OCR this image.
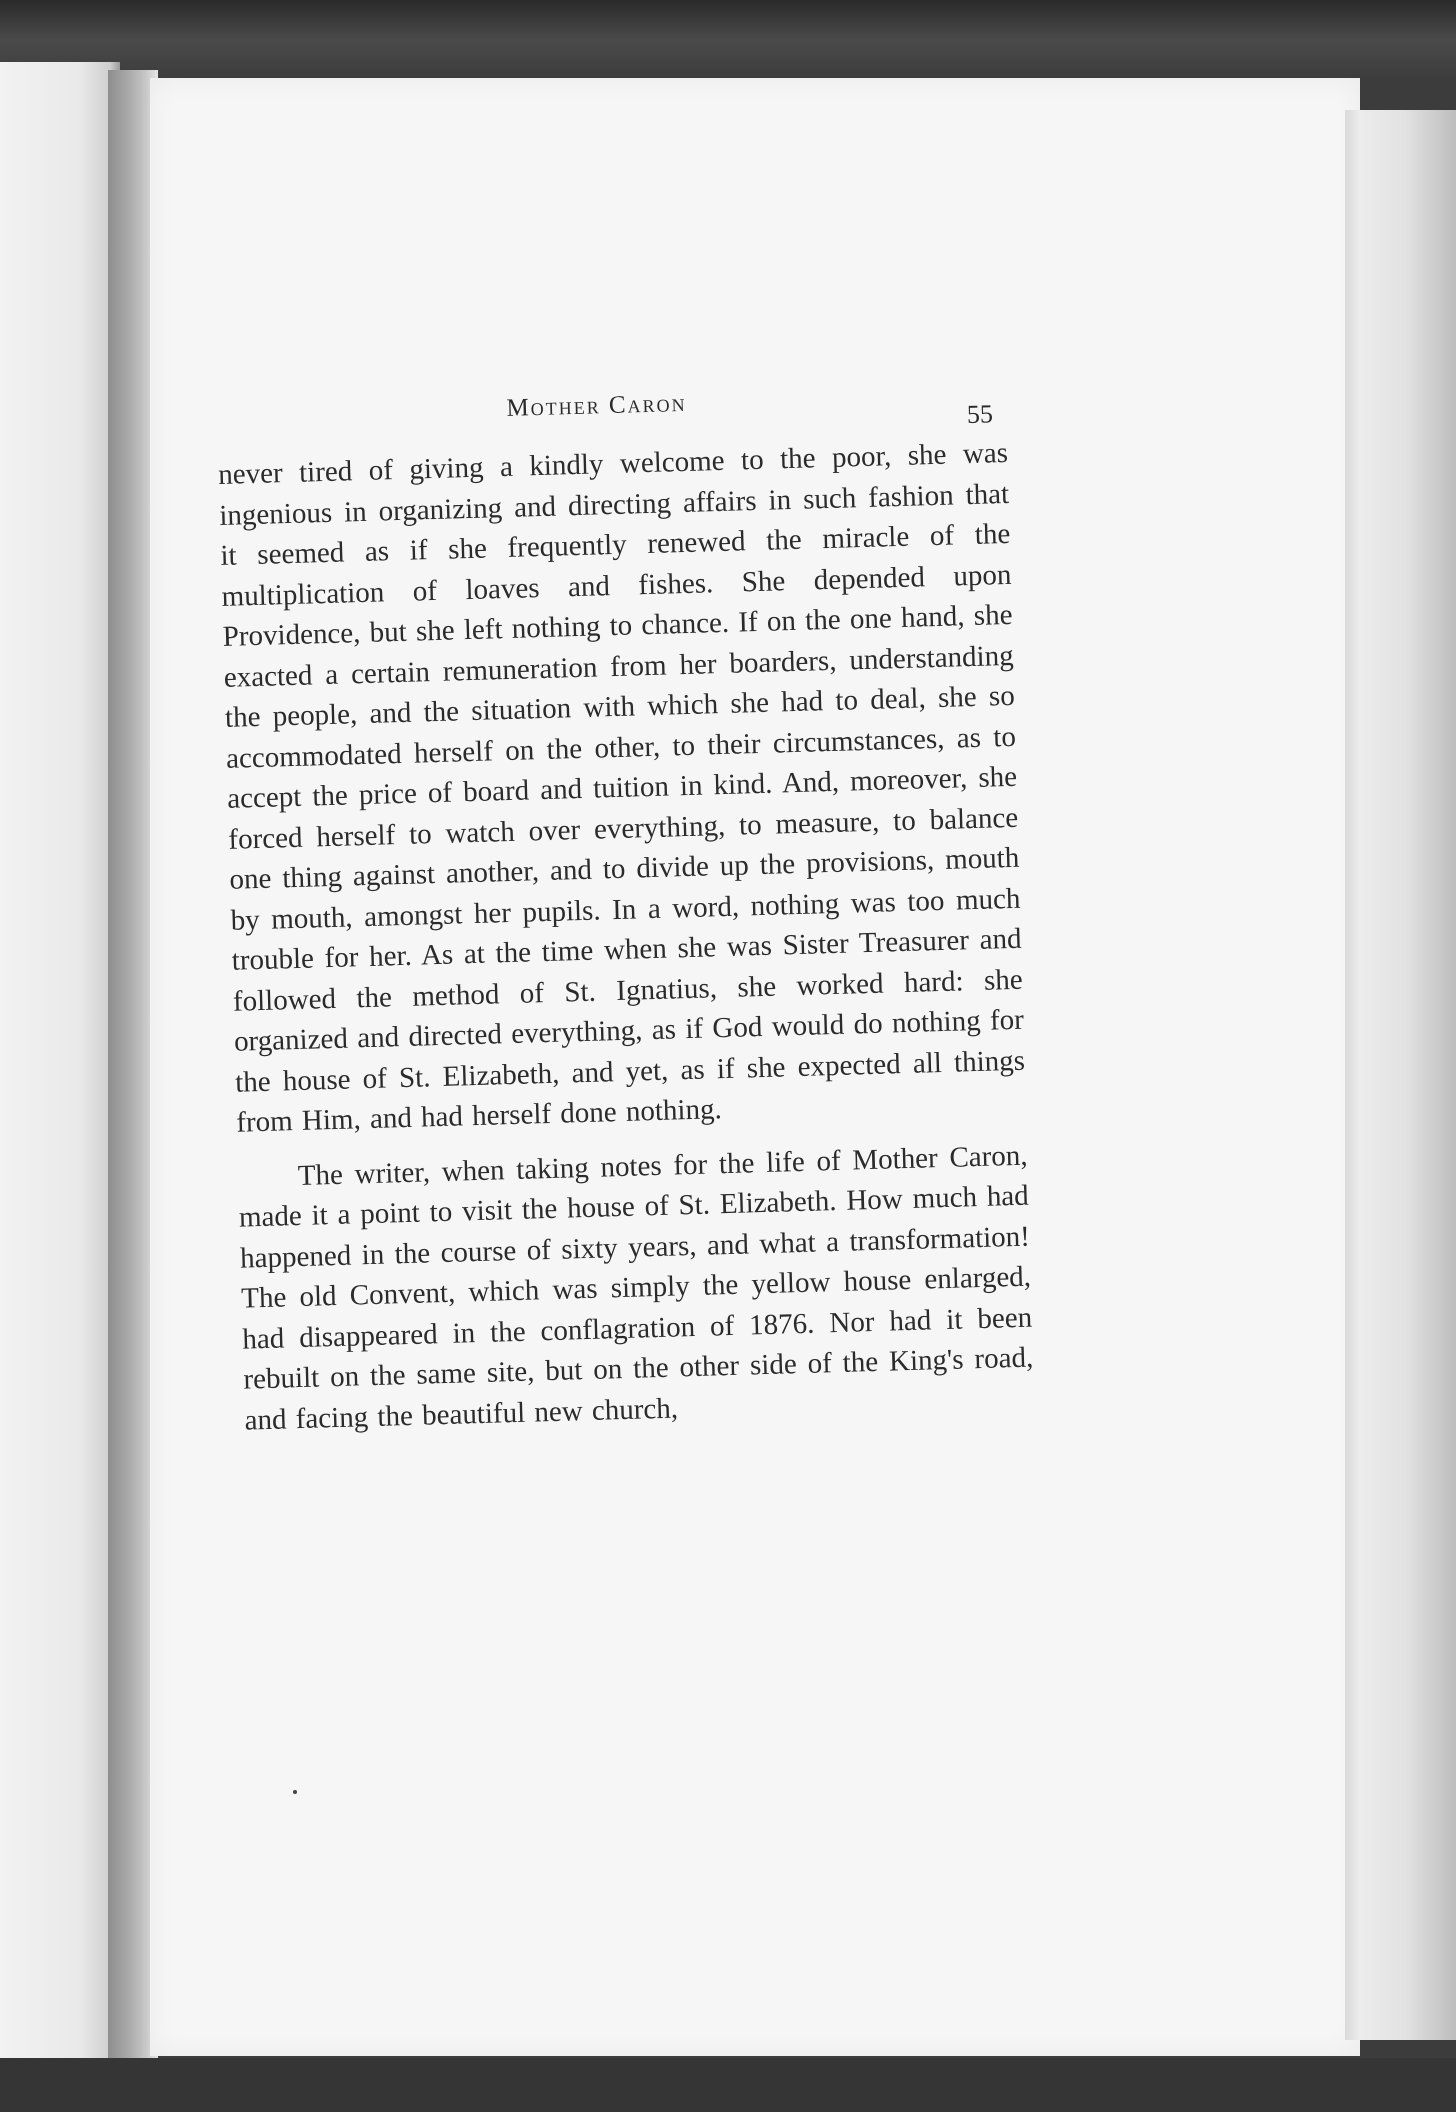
Mother Caron	55

never tired of giving a kindly welcome to the poor, she was ingenious in organizing and directing affairs in such fashion that it seemed as if she frequently renewed the miracle of the multiplication of loaves and fishes. She depended upon Providence, but she left nothing to chance. If on the one hand, she exacted a certain remuneration from her boarders, understanding the people, and the situation with which she had to deal, she so accommodated herself on the other, to their circumstances, as to accept the price of board and tuition in kind. And, moreover, she forced herself to watch over everything, to measure, to balance one thing against another, and to divide up the provisions, mouth by mouth, amongst her pupils. In a word, nothing was too much trouble for her. As at the time when she was Sister Treasurer and followed the method of St. Ignatius, she worked hard: she organized and directed everything, as if God would do nothing for the house of St. Elizabeth, and yet, as if she expected all things from Him, and had herself done nothing.

The writer, when taking notes for the life of Mother Caron, made it a point to visit the house of St. Elizabeth. How much had happened in the course of sixty years, and what a transformation! The old Convent, which was simply the yellow house enlarged, had disappeared in the conflagration of 1876. Nor had it been rebuilt on the same site, but on the other side of the King's road, and facing the beautiful new church,
